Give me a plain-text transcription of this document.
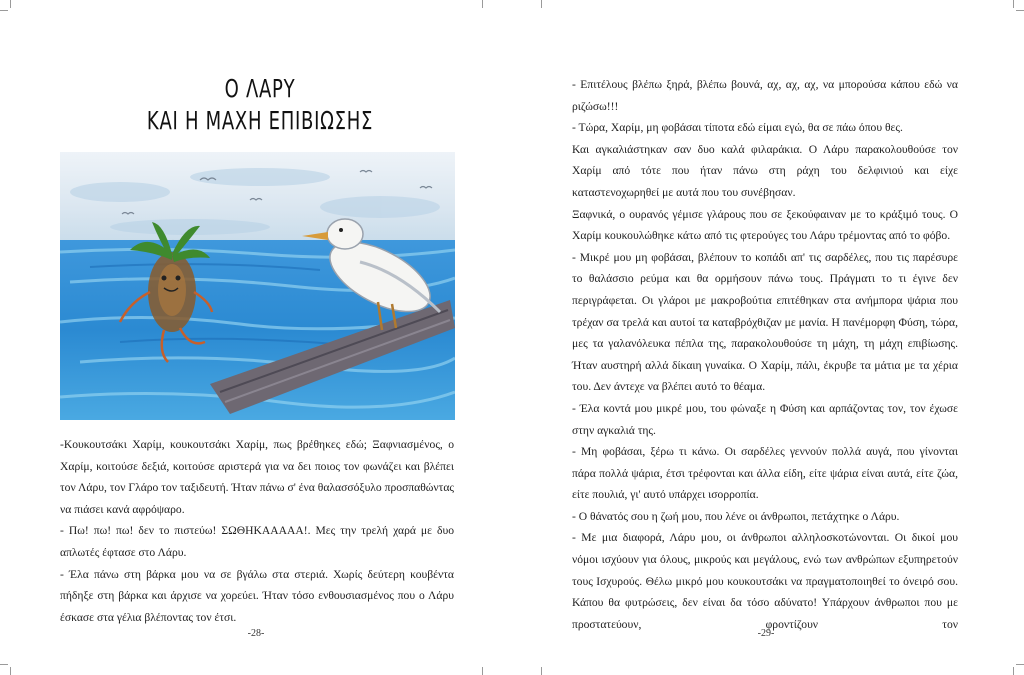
Ο ΛΑΡΥ
ΚΑΙ Η ΜΑΧΗ ΕΠΙΒΙΩΣΗΣ

-Κουκουτσάκι Χαρίμ, κουκουτσάκι Χαρίμ, πως βρέθηκες εδώ; Ξαφνιασμένος, ο Χαρίμ, κοιτούσε δεξιά, κοιτούσε αριστερά για να δει ποιος τον φωνάζει και βλέπει τον Λάρυ, τον Γλάρο τον ταξιδευτή. Ήταν πάνω σ' ένα θαλασσόξυλο προσπαθώντας να πιάσει κανά αφρόψαρο.

- Πω! πω! πω! δεν το πιστεύω! ΣΩΘΗΚΑΑΑΑΑ!. Μες την τρελή χαρά με δυο απλωτές έφτασε στο Λάρυ.

- Έλα πάνω στη βάρκα μου να σε βγάλω στα στεριά. Χωρίς δεύτερη κουβέντα πήδηξε στη βάρκα και άρχισε να χορεύει. Ήταν τόσο ενθουσιασμένος που ο Λάρυ έσκασε στα γέλια βλέποντας τον έτσι.

-28-

- Επιτέλους βλέπω ξηρά, βλέπω βουνά, αχ, αχ, αχ, να μπορούσα κάπου εδώ να ριζώσω!!!

- Τώρα, Χαρίμ, μη φοβάσαι τίποτα εδώ είμαι εγώ, θα σε πάω όπου θες.

Και αγκαλιάστηκαν σαν δυο καλά φιλαράκια. Ο Λάρυ παρακολουθούσε τον Χαρίμ από τότε που ήταν πάνω στη ράχη του δελφινιού και είχε καταστενοχωρηθεί με αυτά που του συνέβησαν.

Ξαφνικά, ο ουρανός γέμισε γλάρους που σε ξεκούφαιναν με το κράξιμό τους. Ο Χαρίμ κουκουλώθηκε κάτω από τις φτερούγες του Λάρυ τρέμοντας από το φόβο.

- Μικρέ μου μη φοβάσαι, βλέπουν το κοπάδι απ' τις σαρδέλες, που τις παρέσυρε το θαλάσσιο ρεύμα και θα ορμήσουν πάνω τους. Πράγματι το τι έγινε δεν περιγράφεται. Οι γλάροι με μακροβούτια επιτέθηκαν στα ανήμπορα ψάρια που τρέχαν σα τρελά και αυτοί τα καταβρόχθιζαν με μανία. Η πανέμορφη Φύση, τώρα, μες τα γαλανόλευκα πέπλα της, παρακολουθούσε τη μάχη, τη μάχη επιβίωσης. Ήταν αυστηρή αλλά δίκαιη γυναίκα. Ο Χαρίμ, πάλι, έκρυβε τα μάτια με τα χέρια του. Δεν άντεχε να βλέπει αυτό το θέαμα.

- Έλα κοντά μου μικρέ μου, του φώναξε η Φύση και αρπάζοντας τον, τον έχωσε στην αγκαλιά της.

- Μη φοβάσαι, ξέρω τι κάνω. Οι σαρδέλες γεννούν πολλά αυγά, που γίνονται πάρα πολλά ψάρια, έτσι τρέφονται και άλλα είδη, είτε ψάρια είναι αυτά, είτε ζώα, είτε πουλιά, γι' αυτό υπάρχει ισορροπία.

- Ο θάνατός σου η ζωή μου, που λένε οι άνθρωποι, πετάχτηκε ο Λάρυ.

- Με μια διαφορά, Λάρυ μου, οι άνθρωποι αλληλοσκοτώνονται. Οι δικοί μου νόμοι ισχύουν για όλους, μικρούς και μεγάλους, ενώ των ανθρώπων εξυπηρετούν τους Ισχυρούς. Θέλω μικρό μου κουκουτσάκι να πραγματοποιηθεί το όνειρό σου. Κάπου θα φυτρώσεις, δεν είναι δα τόσο αδύνατο! Υπάρχουν άνθρωποι που με προστατεύουν, φροντίζουν τον

-29-
